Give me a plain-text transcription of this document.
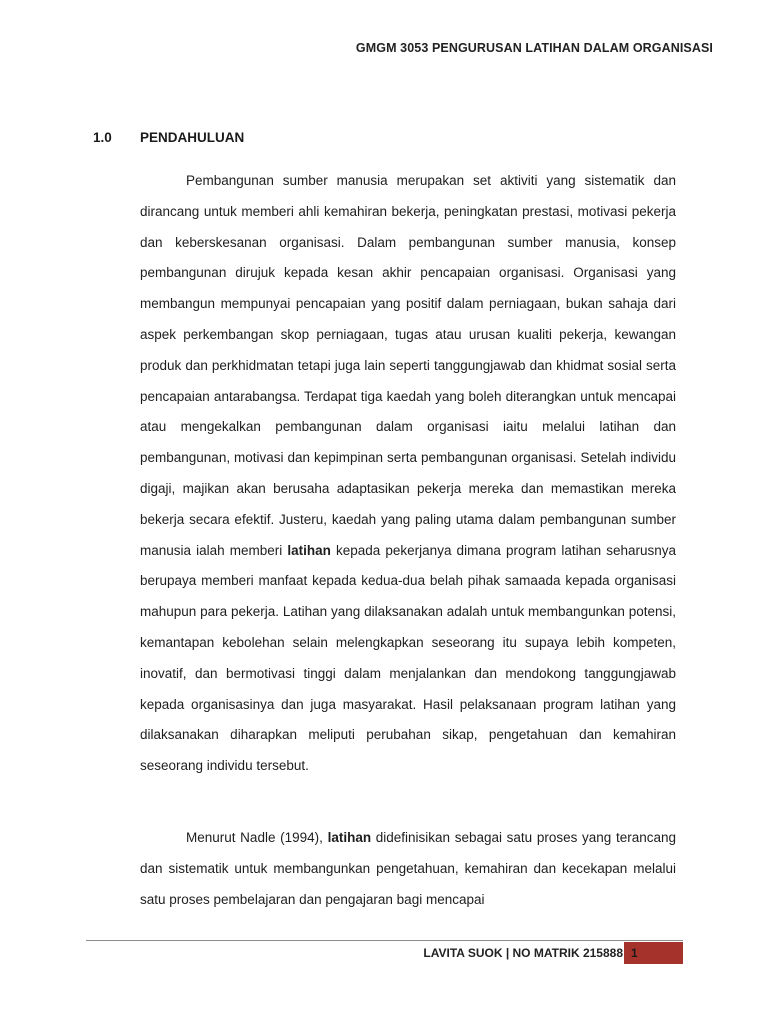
GMGM 3053 PENGURUSAN LATIHAN DALAM ORGANISASI
1.0 PENDAHULUAN

Pembangunan sumber manusia merupakan set aktiviti yang sistematik dan dirancang untuk memberi ahli kemahiran bekerja, peningkatan prestasi, motivasi pekerja dan keberskesanan organisasi. Dalam pembangunan sumber manusia, konsep pembangunan dirujuk kepada kesan akhir pencapaian organisasi. Organisasi yang membangun mempunyai pencapaian yang positif dalam perniagaan, bukan sahaja dari aspek perkembangan skop perniagaan, tugas atau urusan kualiti pekerja, kewangan produk dan perkhidmatan tetapi juga lain seperti tanggungjawab dan khidmat sosial serta pencapaian antarabangsa. Terdapat tiga kaedah yang boleh diterangkan untuk mencapai atau mengekalkan pembangunan dalam organisasi iaitu melalui latihan dan pembangunan, motivasi dan kepimpinan serta pembangunan organisasi. Setelah individu digaji, majikan akan berusaha adaptasikan pekerja mereka dan memastikan mereka bekerja secara efektif. Justeru, kaedah yang paling utama dalam pembangunan sumber manusia ialah memberi latihan kepada pekerjanya dimana program latihan seharusnya berupaya memberi manfaat kepada kedua-dua belah pihak samaada kepada organisasi mahupun para pekerja. Latihan yang dilaksanakan adalah untuk membangunkan potensi, kemantapan kebolehan selain melengkapkan seseorang itu supaya lebih kompeten, inovatif, dan bermotivasi tinggi dalam menjalankan dan mendokong tanggungjawab kepada organisasinya dan juga masyarakat. Hasil pelaksanaan program latihan yang dilaksanakan diharapkan meliputi perubahan sikap, pengetahuan dan kemahiran seseorang individu tersebut.

Menurut Nadle (1994), latihan didefinisikan sebagai satu proses yang terancang dan sistematik untuk membangunkan pengetahuan, kemahiran dan kecekapan melalui satu proses pembelajaran dan pengajaran bagi mencapai

LAVITA SUOK | NO MATRIK 215888 1
